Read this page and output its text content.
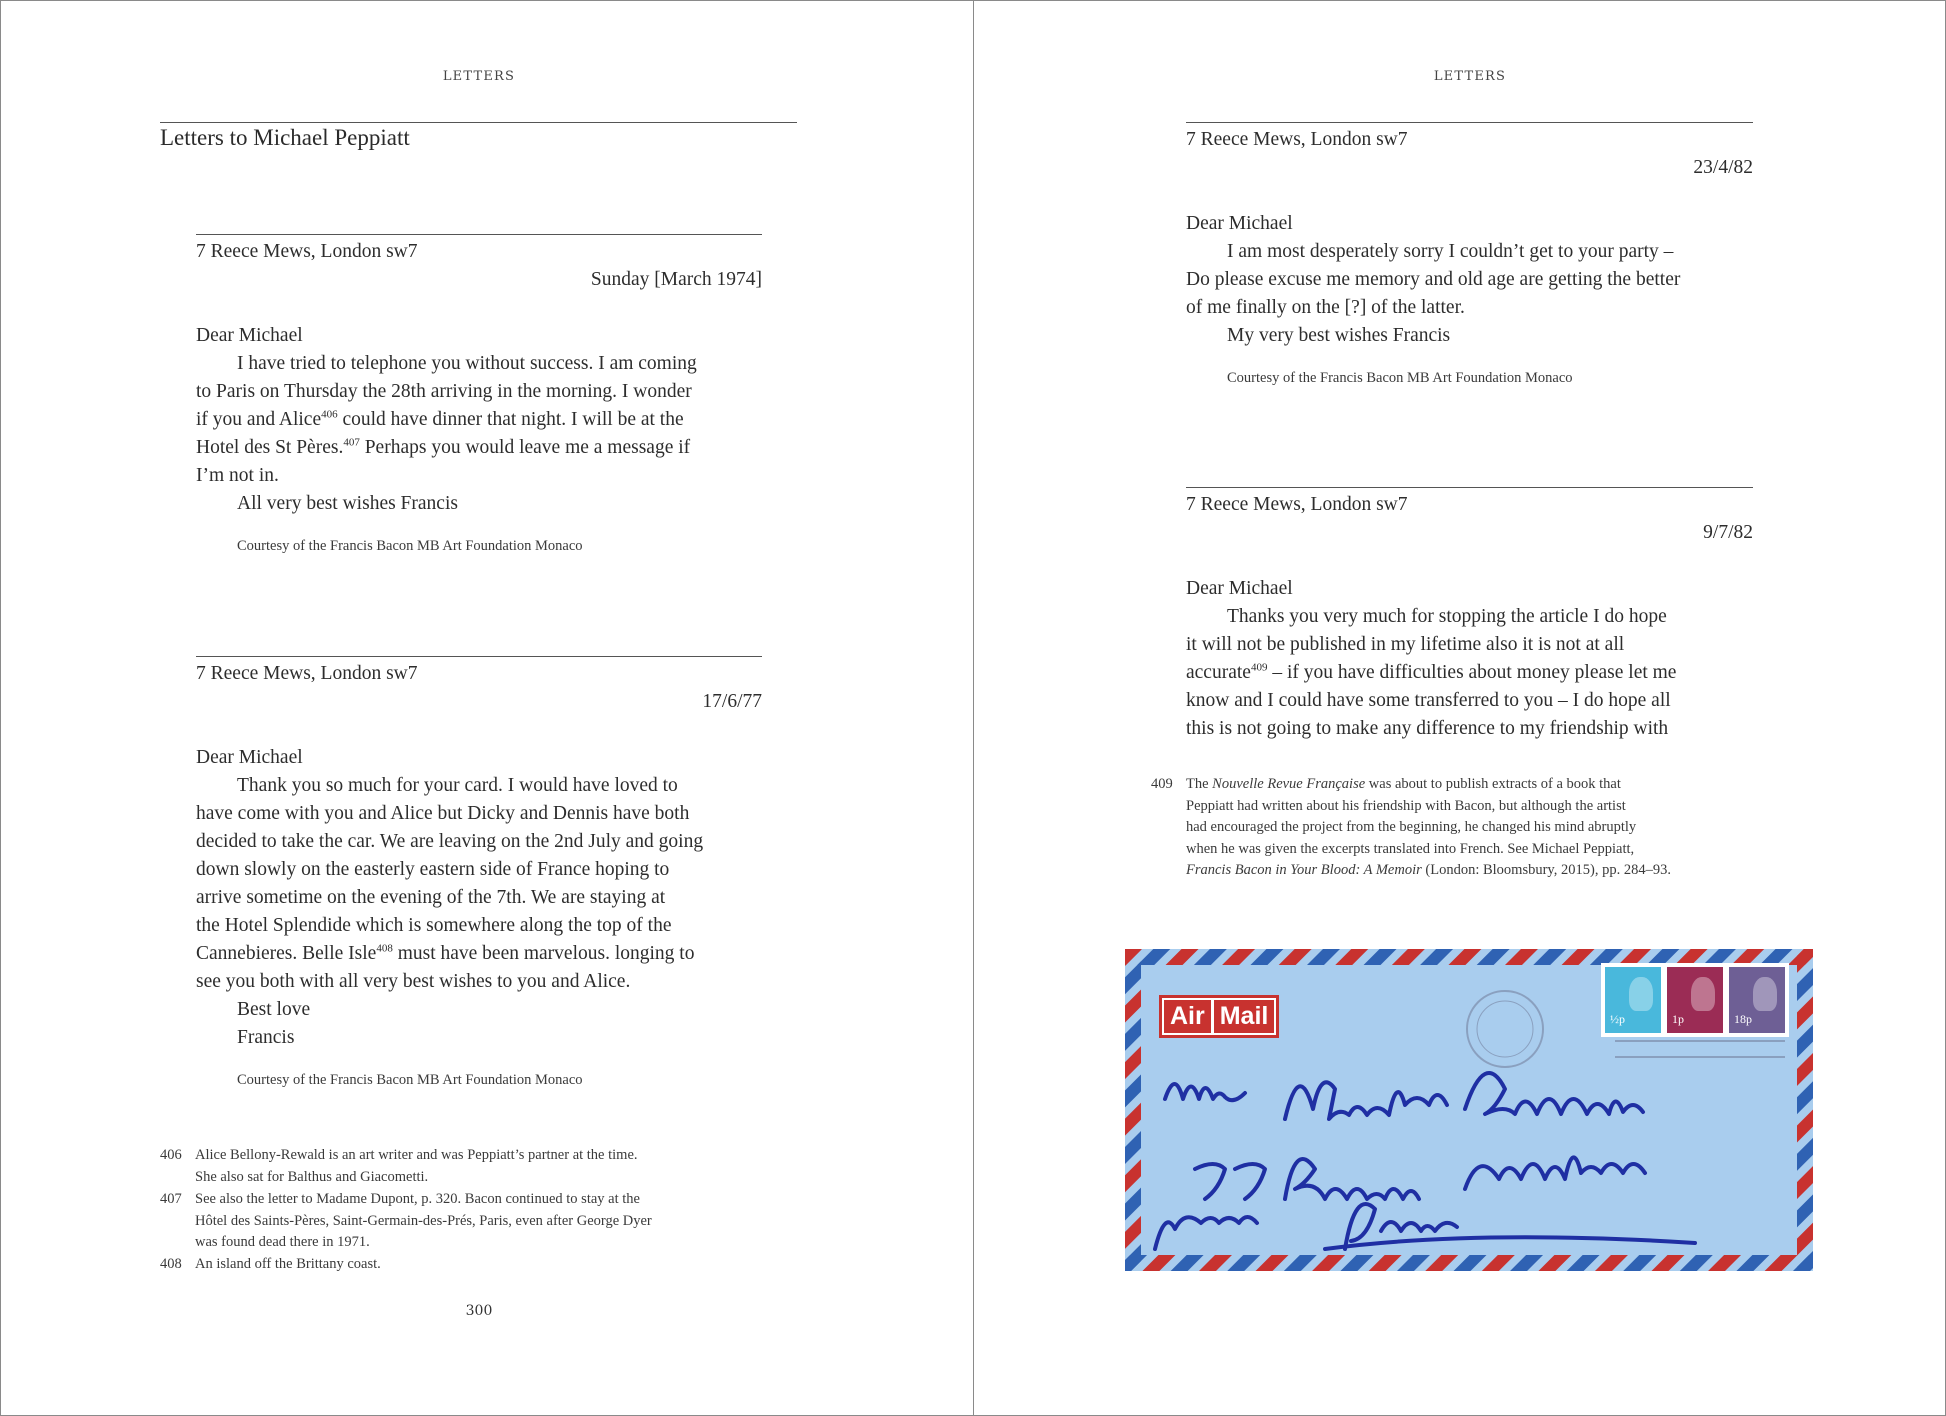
LETTERS
Letters to Michael Peppiatt
7 Reece Mews, London sw7
Sunday [March 1974]
Dear Michael
I have tried to telephone you without success. I am coming
to Paris on Thursday the 28th arriving in the morning. I wonder
if you and Alice$^{406}$ could have dinner that night. I will be at the
Hotel des St Pères.$^{407}$ Perhaps you would leave me a message if
I’m not in.
All very best wishes Francis
Courtesy of the Francis Bacon MB Art Foundation Monaco
7 Reece Mews, London sw7
17/6/77
Dear Michael
Thank you so much for your card. I would have loved to
have come with you and Alice but Dicky and Dennis have both
decided to take the car. We are leaving on the 2nd July and going
down slowly on the easterly eastern side of France hoping to
arrive sometime on the evening of the 7th. We are staying at
the Hotel Splendide which is somewhere along the top of the
Cannebieres. Belle Isle$^{408}$ must have been marvelous. longing to
see you both with all very best wishes to you and Alice.
Best love
Francis
Courtesy of the Francis Bacon MB Art Foundation Monaco
406 Alice Bellony-Rewald is an art writer and was Peppiatt’s partner at the time.
She also sat for Balthus and Giacometti.
407 See also the letter to Madame Dupont, p. 320. Bacon continued to stay at the
Hôtel des Saints-Pères, Saint-Germain-des-Prés, Paris, even after George Dyer
was found dead there in 1971.
408 An island off the Brittany coast.
300
LETTERS
7 Reece Mews, London sw7
23/4/82
Dear Michael
I am most desperately sorry I couldn’t get to your party –
Do please excuse me memory and old age are getting the better
of me finally on the [?] of the latter.
My very best wishes Francis
Courtesy of the Francis Bacon MB Art Foundation Monaco
7 Reece Mews, London sw7
9/7/82
Dear Michael
Thanks you very much for stopping the article I do hope
it will not be published in my lifetime also it is not at all
accurate$^{409}$ – if you have difficulties about money please let me
know and I could have some transferred to you – I do hope all
this is not going to make any difference to my friendship with
409 The Nouvelle Revue Française was about to publish extracts of a book that
Peppiatt had written about his friendship with Bacon, but although the artist
had encouraged the project from the beginning, he changed his mind abruptly
when he was given the excerpts translated into French. See Michael Peppiatt,
Francis Bacon in Your Blood: A Memoir (London: Bloomsbury, 2015), pp. 284–93.
Air Mail	½p	1p	18p
